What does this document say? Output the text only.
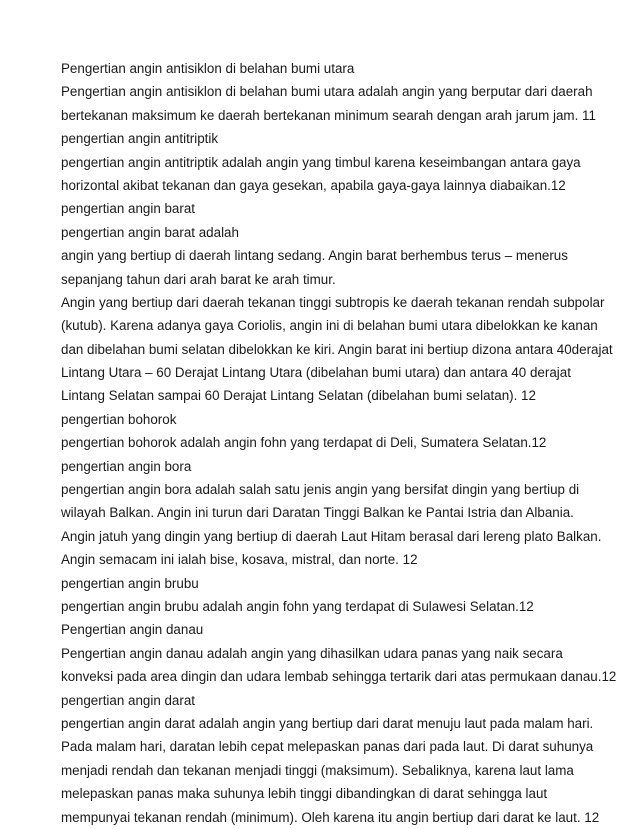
Pengertian angin antisiklon di belahan bumi utara
Pengertian angin antisiklon di belahan bumi utara adalah angin yang berputar dari daerah
bertekanan maksimum ke daerah bertekanan minimum searah dengan arah jarum jam. 11
pengertian angin antitriptik
pengertian angin antitriptik adalah angin yang timbul karena keseimbangan antara gaya
horizontal akibat tekanan dan gaya gesekan, apabila gaya-gaya lainnya diabaikan.12
pengertian angin barat
pengertian angin barat adalah
angin yang bertiup di daerah lintang sedang. Angin barat berhembus terus – menerus
sepanjang tahun dari arah barat ke arah timur.
Angin yang bertiup dari daerah tekanan tinggi subtropis ke daerah tekanan rendah subpolar
(kutub). Karena adanya gaya Coriolis, angin ini di belahan bumi utara dibelokkan ke kanan
dan dibelahan bumi selatan dibelokkan ke kiri. Angin barat ini bertiup dizona antara 40derajat
Lintang Utara – 60 Derajat Lintang Utara (dibelahan bumi utara) dan antara 40 derajat
Lintang Selatan sampai 60 Derajat Lintang Selatan (dibelahan bumi selatan). 12
pengertian bohorok
pengertian bohorok adalah angin fohn yang terdapat di Deli, Sumatera Selatan.12
pengertian angin bora
pengertian angin bora adalah salah satu jenis angin yang bersifat dingin yang bertiup di
wilayah Balkan. Angin ini turun dari Daratan Tinggi Balkan ke Pantai Istria dan Albania.
Angin jatuh yang dingin yang bertiup di daerah Laut Hitam berasal dari lereng plato Balkan.
Angin semacam ini ialah bise, kosava, mistral, dan norte. 12
pengertian angin brubu
pengertian angin brubu adalah angin fohn yang terdapat di Sulawesi Selatan.12
Pengertian angin danau
Pengertian angin danau adalah angin yang dihasilkan udara panas yang naik secara
konveksi pada area dingin dan udara lembab sehingga tertarik dari atas permukaan danau.12
pengertian angin darat
pengertian angin darat adalah angin yang bertiup dari darat menuju laut pada malam hari.
Pada malam hari, daratan lebih cepat melepaskan panas dari pada laut. Di darat suhunya
menjadi rendah dan tekanan menjadi tinggi (maksimum). Sebaliknya, karena laut lama
melepaskan panas maka suhunya lebih tinggi dibandingkan di darat sehingga laut
mempunyai tekanan rendah (minimum). Oleh karena itu angin bertiup dari darat ke laut. 12
